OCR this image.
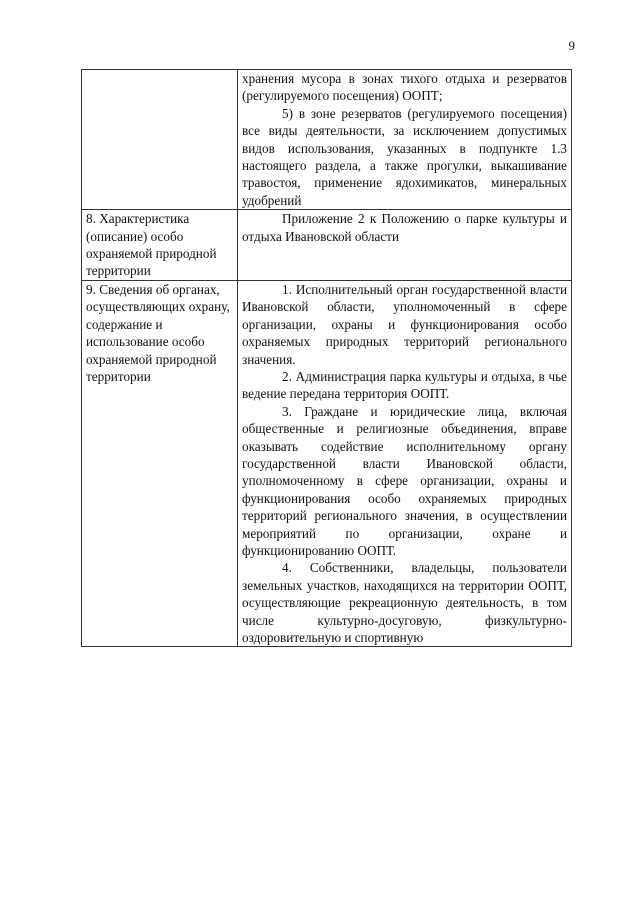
9

	хранения мусора в зонах тихого отдыха и резерватов (регулируемого посещения) ООПТ;

5) в зоне резерватов (регулируемого посещения) все виды деятельности, за исключением допустимых видов использования, указанных в подпункте 1.3 настоящего раздела, а также прогулки, выкашивание травостоя, применение ядохимикатов, минеральных удобрений

8. Характеристика (описание) особо охраняемой природной территории	Приложение 2 к Положению о парке культуры и отдыха Ивановской области

9. Сведения об органах, осуществляющих охрану, содержание и использование особо охраняемой природной территории	1. Исполнительный орган государственной власти Ивановской области, уполномоченный в сфере организации, охраны и функционирования особо охраняемых природных территорий регионального значения.

2. Администрация парка культуры и отдыха, в чье ведение передана территория ООПТ.

3. Граждане и юридические лица, включая общественные и религиозные объединения, вправе оказывать содействие исполнительному органу государственной власти Ивановской области, уполномоченному в сфере организации, охраны и функционирования особо охраняемых природных территорий регионального значения, в осуществлении мероприятий по организации, охране и функционированию ООПТ.

4. Собственники, владельцы, пользователи земельных участков, находящихся на территории ООПТ, осуществляющие рекреационную деятельность, в том числе культурно-досуговую, физкультурно-оздоровительную и спортивную
